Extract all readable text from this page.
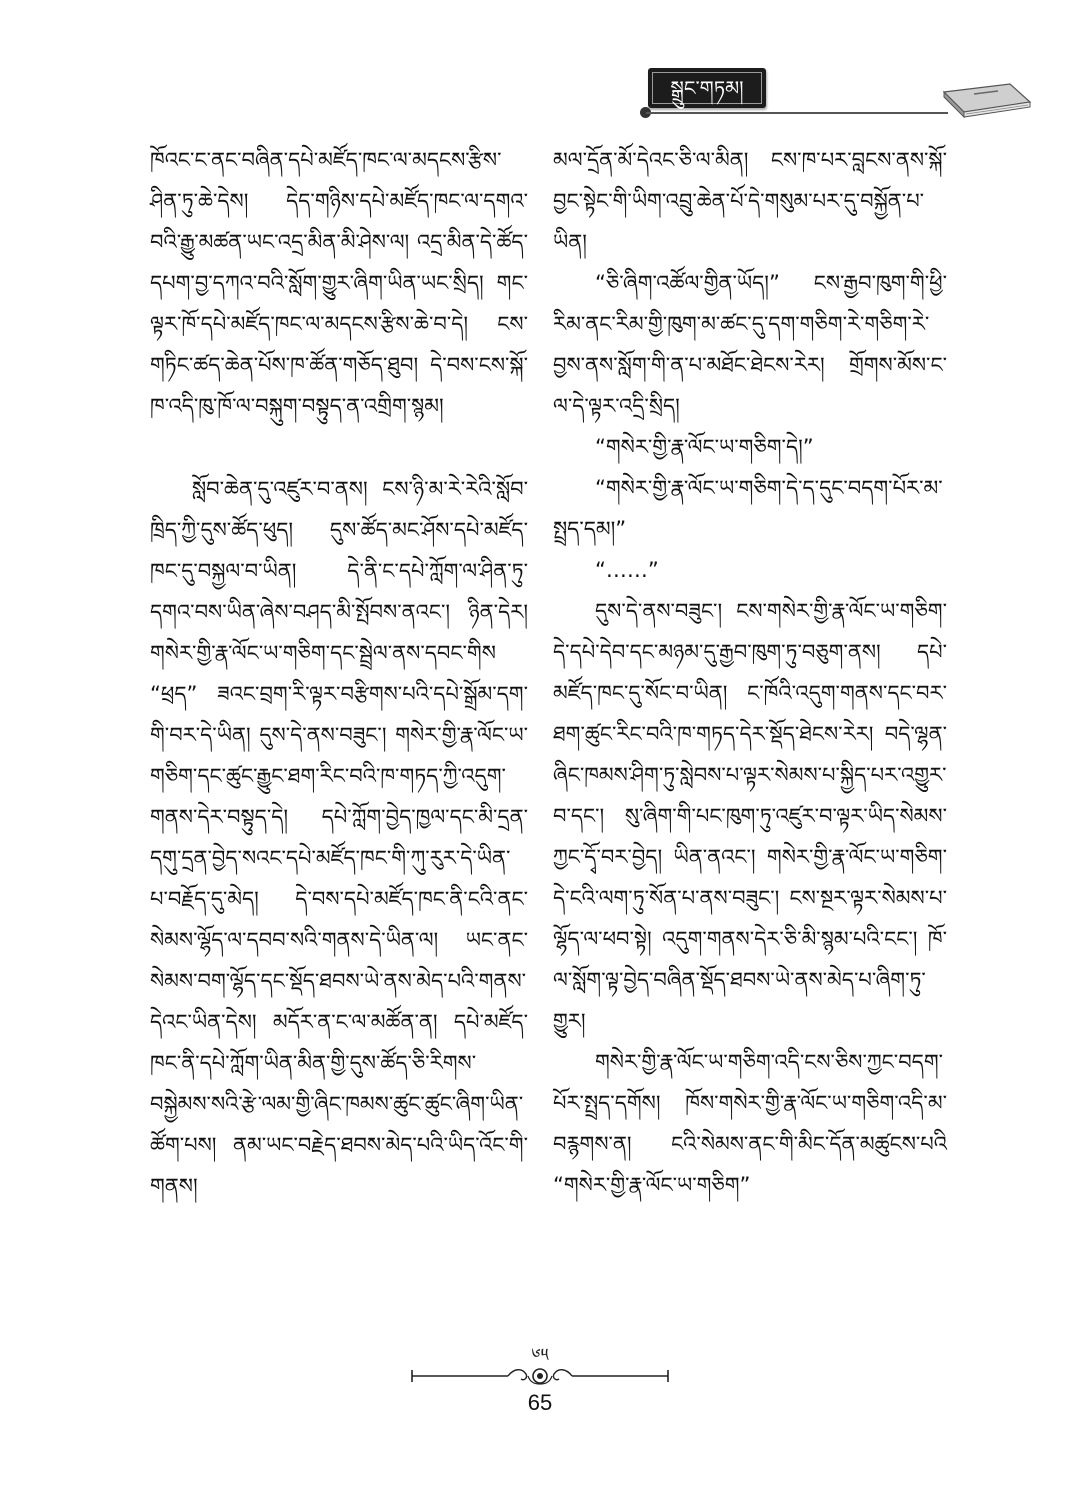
སྒྲུང་གཏམ།

ཁོའང་ང་ནང་བཞིན་དཔེ་མཛོད་ཁང་ལ་མདངས་རྩིས་ཤིན་ཏུ་ཆེ་དེས། དེད་གཉིས་དཔེ་མཛོད་ཁང་ལ་དགའ་བའི་རྒྱུ་མཚན་ཡང་འདྲ་མིན་མི་ཤེས་ལ། འདྲ་མིན་དེ་ཚོད་དཔག་བྱ་དཀའ་བའི་སློག་གྱུར་ཞིག་ཡིན་ཡང་སྲིད། གང་ལྟར་ཁོ་དཔེ་མཛོད་ཁང་ལ་མདངས་རྩིས་ཆེ་བ་དེ། ངས་གཏིང་ཚད་ཆེན་པོས་ཁ་ཚོན་གཅོད་ཐུབ། དེ་བས་ངས་སྐོ་ཁ་འདི་ཁུ་ཁོ་ལ་བསྐུག་བསྟུད་ན་འགྲིག་སྙམ།

སློབ་ཆེན་དུ་འཛུར་བ་ནས། ངས་ཉི་མ་རེ་རེའི་སློབ་ཁྲིད་ཀྱི་དུས་ཚོད་ཕུད། དུས་ཚོད་མང་ཤོས་དཔེ་མཛོད་ཁང་དུ་བསྐྱལ་བ་ཡིན། དེ་ནི་ང་དཔེ་ཀློག་ལ་ཤིན་ཏུ་དགའ་བས་ཡིན་ཞེས་བཤད་མི་སྤོབས་ནའང་། ཉིན་དེར། གསེར་གྱི་རྣ་ལོང་ཡ་གཅིག་དང་སྦྲེལ་ནས་དབང་གིས “ཕྲད” ཟའང་བྲག་རི་ལྟར་བརྩིགས་པའི་དཔེ་སྒྲོམ་དག་གི་བར་དེ་ཡིན། དུས་དེ་ནས་བཟུང་། གསེར་གྱི་རྣ་ལོང་ཡ་གཅིག་དང་ཚུང་རྒྱུང་ཐག་རིང་བའི་ཁ་གཏད་ཀྱི་འདུག་གནས་དེར་བསྟུད་དེ། དཔེ་ཀློག་བྱེད་ཁྱལ་དང་མི་དྲན་དགུ་དྲན་བྱེད་སའང་དཔེ་མཛོད་ཁང་གི་ཀུ་རུར་དེ་ཡིན་པ་བརྗོད་དུ་མེད། དེ་བས་དཔེ་མཛོད་ཁང་ནི་ངའི་ནང་སེམས་ལྷོད་ལ་དབབ་སའི་གནས་དེ་ཡིན་ལ། ཡང་ནང་སེམས་བག་ལྷོད་དང་སྡོད་ཐབས་ཡེ་ནས་མེད་པའི་གནས་དེའང་ཡིན་དེས། མདོར་ན་ང་ལ་མཚོན་ན། དཔེ་མཛོད་ཁང་ནི་དཔེ་ཀློག་ཡིན་མིན་གྱི་དུས་ཚོད་ཅི་རིགས་བསྐྱེམས་སའི་རྩེ་ལམ་གྱི་ཞིང་ཁམས་ཚུང་ཚུང་ཞིག་ཡིན་ཚོག་པས། ནམ་ཡང་བརྗེད་ཐབས་མེད་པའི་ཡིད་འོང་གི་གནས།

མལ་དྲོན་མོ་དེའང་ཅི་ལ་མིན། ངས་ཁ་པར་བླངས་ནས་སྐོ་བྱང་སྟེང་གི་ཡིག་འབྲུ་ཆེན་པོ་དེ་གསུམ་པར་དུ་བསྐྱོན་པ་ཡིན།

“ཅི་ཞིག་འཚོལ་གྱིན་ཡོད།” ངས་རྒྱབ་ཁུག་གི་ཕྱི་རིམ་ནང་རིམ་གྱི་ཁུག་མ་ཚང་དུ་དག་གཅིག་རེ་གཅིག་རེ་བྱས་ནས་སློག་གི་ན་པ་མཐོང་ཐེངས་རེར། གྲོགས་མོས་ང་ལ་དེ་ལྟར་འདྲི་སྲིད།

“གསེར་གྱི་རྣ་ལོང་ཡ་གཅིག་དེ།”

“གསེར་གྱི་རྣ་ལོང་ཡ་གཅིག་དེ་ད་དུང་བདག་པོར་མ་སྤྲད་དམ།”

“……”

དུས་དེ་ནས་བཟུང་། ངས་གསེར་གྱི་རྣ་ལོང་ཡ་གཅིག་དེ་དཔེ་དེབ་དང་མཉམ་དུ་རྒྱབ་ཁུག་ཏུ་བཅུག་ནས། དཔེ་མཛོད་ཁང་དུ་སོང་བ་ཡིན། ང་ཁོའི་འདུག་གནས་དང་བར་ཐག་ཚུང་རིང་བའི་ཁ་གཏད་དེར་སྡོད་ཐེངས་རེར། བདེ་ལྷན་ཞིང་ཁམས་ཤིག་ཏུ་སླེབས་པ་ལྟར་སེམས་པ་སྐྱིད་པར་འགྱུར་བ་དང་། སུ་ཞིག་གི་པང་ཁུག་ཏུ་འཛུར་བ་ལྟར་ཡིད་སེམས་ཀྱང་དྭོ་བར་བྱེད། ཡིན་ནའང་། གསེར་གྱི་རྣ་ལོང་ཡ་གཅིག་དེ་ངའི་ལག་ཏུ་སོན་པ་ནས་བཟུང་། ངས་སྔར་ལྟར་སེམས་པ་ལྷོད་ལ་ཕབ་སྟེ། འདུག་གནས་དེར་ཅི་མི་སྙམ་པའི་ངང་། ཁོ་ལ་སློག་ལྟ་བྱེད་བཞིན་སྡོད་ཐབས་ཡེ་ནས་མེད་པ་ཞིག་ཏུ་གྱུར།

གསེར་གྱི་རྣ་ལོང་ཡ་གཅིག་འདི་ངས་ཅིས་ཀྱང་བདག་པོར་སྤྲད་དགོས། ཁོས་གསེར་གྱི་རྣ་ལོང་ཡ་གཅིག་འདི་མ་བརྙགས་ན། ངའི་སེམས་ནང་གི་མིང་དོན་མཚུངས་པའི “གསེར་གྱི་རྣ་ལོང་ཡ་གཅིག”

༦༥
65
